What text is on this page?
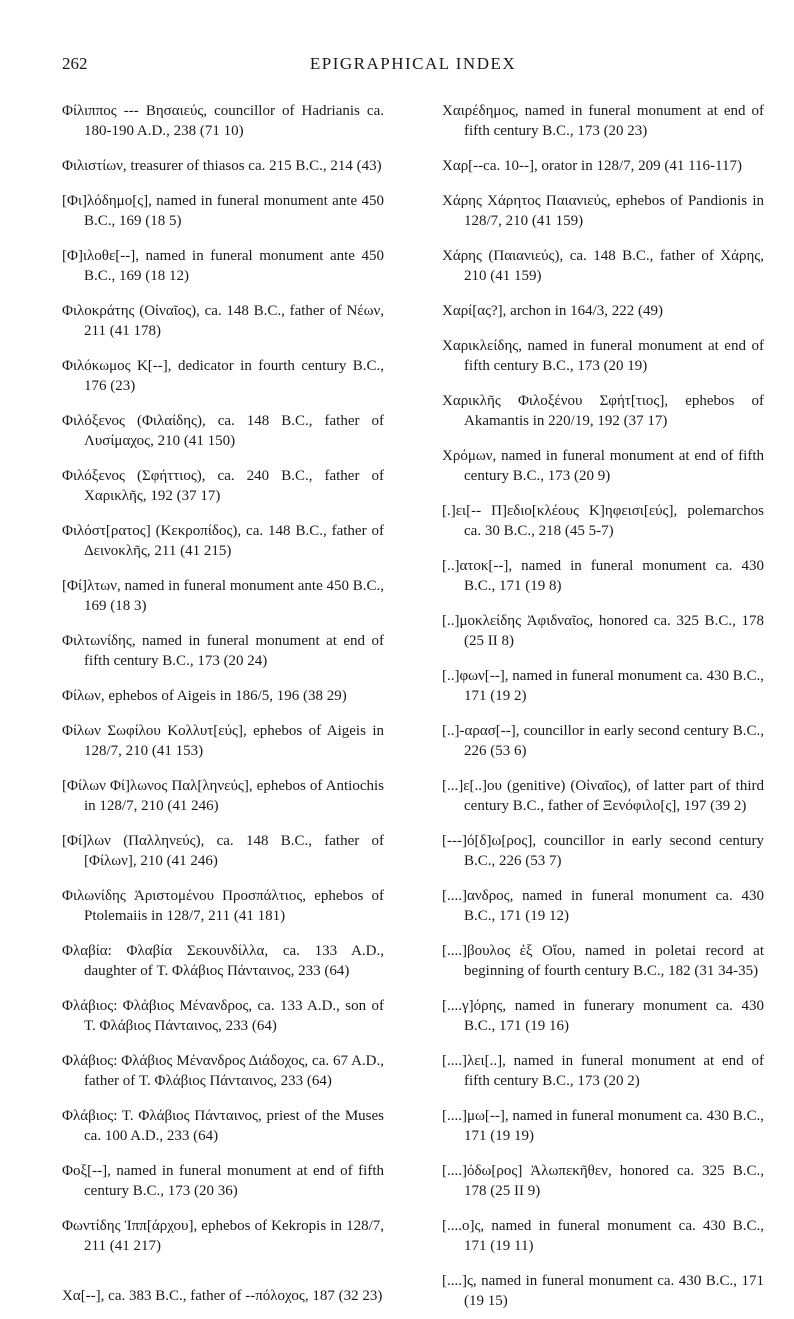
262	EPIGRAPHICAL INDEX

Φίλιππος --- Βησαιεύς, councillor of Hadrianis ca. 180-190 A.D., 238 (71 10)

Φιλιστίων, treasurer of thiasos ca. 215 B.C., 214 (43)

[Φι]λόδημο[ς], named in funeral monument ante 450 B.C., 169 (18 5)

[Φ]ιλοθε[--], named in funeral monument ante 450 B.C., 169 (18 12)

Φιλοκράτης (Οἰναῖος), ca. 148 B.C., father of Νέων, 211 (41 178)

Φιλόκωμος Κ[--], dedicator in fourth century B.C., 176 (23)

Φιλόξενος (Φιλαίδης), ca. 148 B.C., father of Λυσίμαχος, 210 (41 150)

Φιλόξενος (Σφήττιος), ca. 240 B.C., father of Χαρικλῆς, 192 (37 17)

Φιλόστ[ρατος] (Κεκροπίδος), ca. 148 B.C., father of Δεινοκλῆς, 211 (41 215)

[Φί]λτων, named in funeral monument ante 450 B.C., 169 (18 3)

Φιλτωνίδης, named in funeral monument at end of fifth century B.C., 173 (20 24)

Φίλων, ephebos of Aigeis in 186/5, 196 (38 29)

Φίλων Σωφίλου Κολλυτ[εύς], ephebos of Aigeis in 128/7, 210 (41 153)

[Φίλων Φί]λωνος Παλ[ληνεύς], ephebos of Antiochis in 128/7, 210 (41 246)

[Φί]λων (Παλληνεύς), ca. 148 B.C., father of [Φίλων], 210 (41 246)

Φιλωνίδης Ἀριστομένου Προσπάλτιος, ephebos of Ptolemaiis in 128/7, 211 (41 181)

Φλαβία: Φλαβία Σεκουνδίλλα, ca. 133 A.D., daughter of Τ. Φλάβιος Πάνταινος, 233 (64)

Φλάβιος: Φλάβιος Μένανδρος, ca. 133 A.D., son of Τ. Φλάβιος Πάνταινος, 233 (64)

Φλάβιος: Φλάβιος Μένανδρος Διάδοχος, ca. 67 A.D., father of Τ. Φλάβιος Πάνταινος, 233 (64)

Φλάβιος: Τ. Φλάβιος Πάνταινος, priest of the Muses ca. 100 A.D., 233 (64)

Φοξ[--], named in funeral monument at end of fifth century B.C., 173 (20 36)

Φωντίδης Ἱππ[άρχου], ephebos of Kekropis in 128/7, 211 (41 217)

Χα[--], ca. 383 B.C., father of --πόλοχος, 187 (32 23)

Χαιρέδημος, named in funeral monument at end of fifth century B.C., 173 (20 23)

Χαρ[--ca. 10--], orator in 128/7, 209 (41 116-117)

Χάρης Χάρητος Παιανιεύς, ephebos of Pandionis in 128/7, 210 (41 159)

Χάρης (Παιανιεύς), ca. 148 B.C., father of Χάρης, 210 (41 159)

Χαρί[ας?], archon in 164/3, 222 (49)

Χαρικλείδης, named in funeral monument at end of fifth century B.C., 173 (20 19)

Χαρικλῆς Φιλοξένου Σφήτ[τιος], ephebos of Akamantis in 220/19, 192 (37 17)

Χρόμων, named in funeral monument at end of fifth century B.C., 173 (20 9)

[.]ει[-- Π]εδιο[κλέους Κ]ηφεισι[εύς], polemarchos ca. 30 B.C., 218 (45 5-7)

[..]ατοκ[--], named in funeral monument ca. 430 B.C., 171 (19 8)

[..]μοκλείδης Ἀφιδναῖος, honored ca. 325 B.C., 178 (25 II 8)

[..]φων[--], named in funeral monument ca. 430 B.C., 171 (19 2)

[..]-αρασ[--], councillor in early second century B.C., 226 (53 6)

[...]ε[..]ου (genitive) (Οἰναῖος), of latter part of third century B.C., father of Ξενόφιλο[ς], 197 (39 2)

[---]ό[δ]ω[ρος], councillor in early second century B.C., 226 (53 7)

[....]ανδρος, named in funeral monument ca. 430 B.C., 171 (19 12)

[....]βουλος ἐξ Οἴου, named in poletai record at beginning of fourth century B.C., 182 (31 34-35)

[....γ]όρης, named in funerary monument ca. 430 B.C., 171 (19 16)

[....]λει[..], named in funeral monument at end of fifth century B.C., 173 (20 2)

[....]μω[--], named in funeral monument ca. 430 B.C., 171 (19 19)

[....]όδω[ρος] Ἀλωπεκῆθεν, honored ca. 325 B.C., 178 (25 II 9)

[....ο]ς, named in funeral monument ca. 430 B.C., 171 (19 11)

[....]ς, named in funeral monument ca. 430 B.C., 171 (19 15)
